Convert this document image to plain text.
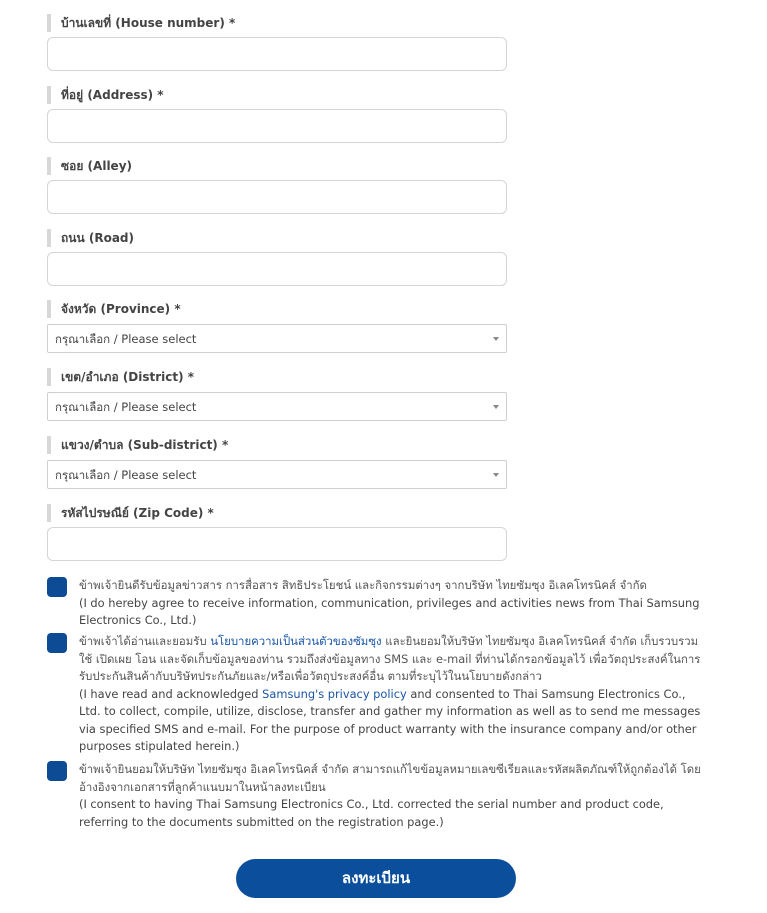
บ้านเลขที่ (House number) *
ที่อยู่ (Address) *
ซอย (Alley)
ถนน (Road)
จังหวัด (Province) *
กรุณาเลือก / Please select
เขต/อำเภอ (District) *
กรุณาเลือก / Please select
แขวง/ตำบล (Sub-district) *
กรุณาเลือก / Please select
รหัสไปรษณีย์ (Zip Code) *
ข้าพเจ้ายินดีรับข้อมูลข่าวสาร การสื่อสาร สิทธิประโยชน์ และกิจกรรมต่างๆ จากบริษัท ไทยซัมซุง อิเลคโทรนิคส์ จำกัด
(I do hereby agree to receive information, communication, privileges and activities news from Thai Samsung Electronics Co., Ltd.)
ข้าพเจ้าได้อ่านและยอมรับ นโยบายความเป็นส่วนตัวของซัมซุง และยินยอมให้บริษัท ไทยซัมซุง อิเลคโทรนิคส์ จำกัด เก็บรวบรวม ใช้ เปิดเผย โอน และจัดเก็บข้อมูลของท่าน รวมถึงส่งข้อมูลทาง SMS และ e-mail ที่ท่านได้กรอกข้อมูลไว้ เพื่อวัตถุประสงค์ในการรับประกันสินค้ากับบริษัทประกันภัยและ/หรือเพื่อวัตถุประสงค์อื่น ตามที่ระบุไว้ในนโยบายดังกล่าว
(I have read and acknowledged Samsung's privacy policy and consented to Thai Samsung Electronics Co., Ltd. to collect, compile, utilize, disclose, transfer and gather my information as well as to send me messages via specified SMS and e-mail. For the purpose of product warranty with the insurance company and/or other purposes stipulated herein.)
ข้าพเจ้ายินยอมให้บริษัท ไทยซัมซุง อิเลคโทรนิคส์ จำกัด สามารถแก้ไขข้อมูลหมายเลขซีเรียลและรหัสผลิตภัณฑ์ให้ถูกต้องได้ โดยอ้างอิงจากเอกสารที่ลูกค้าแนบมาในหน้าลงทะเบียน
(I consent to having Thai Samsung Electronics Co., Ltd. corrected the serial number and product code, referring to the documents submitted on the registration page.)
ลงทะเบียน
